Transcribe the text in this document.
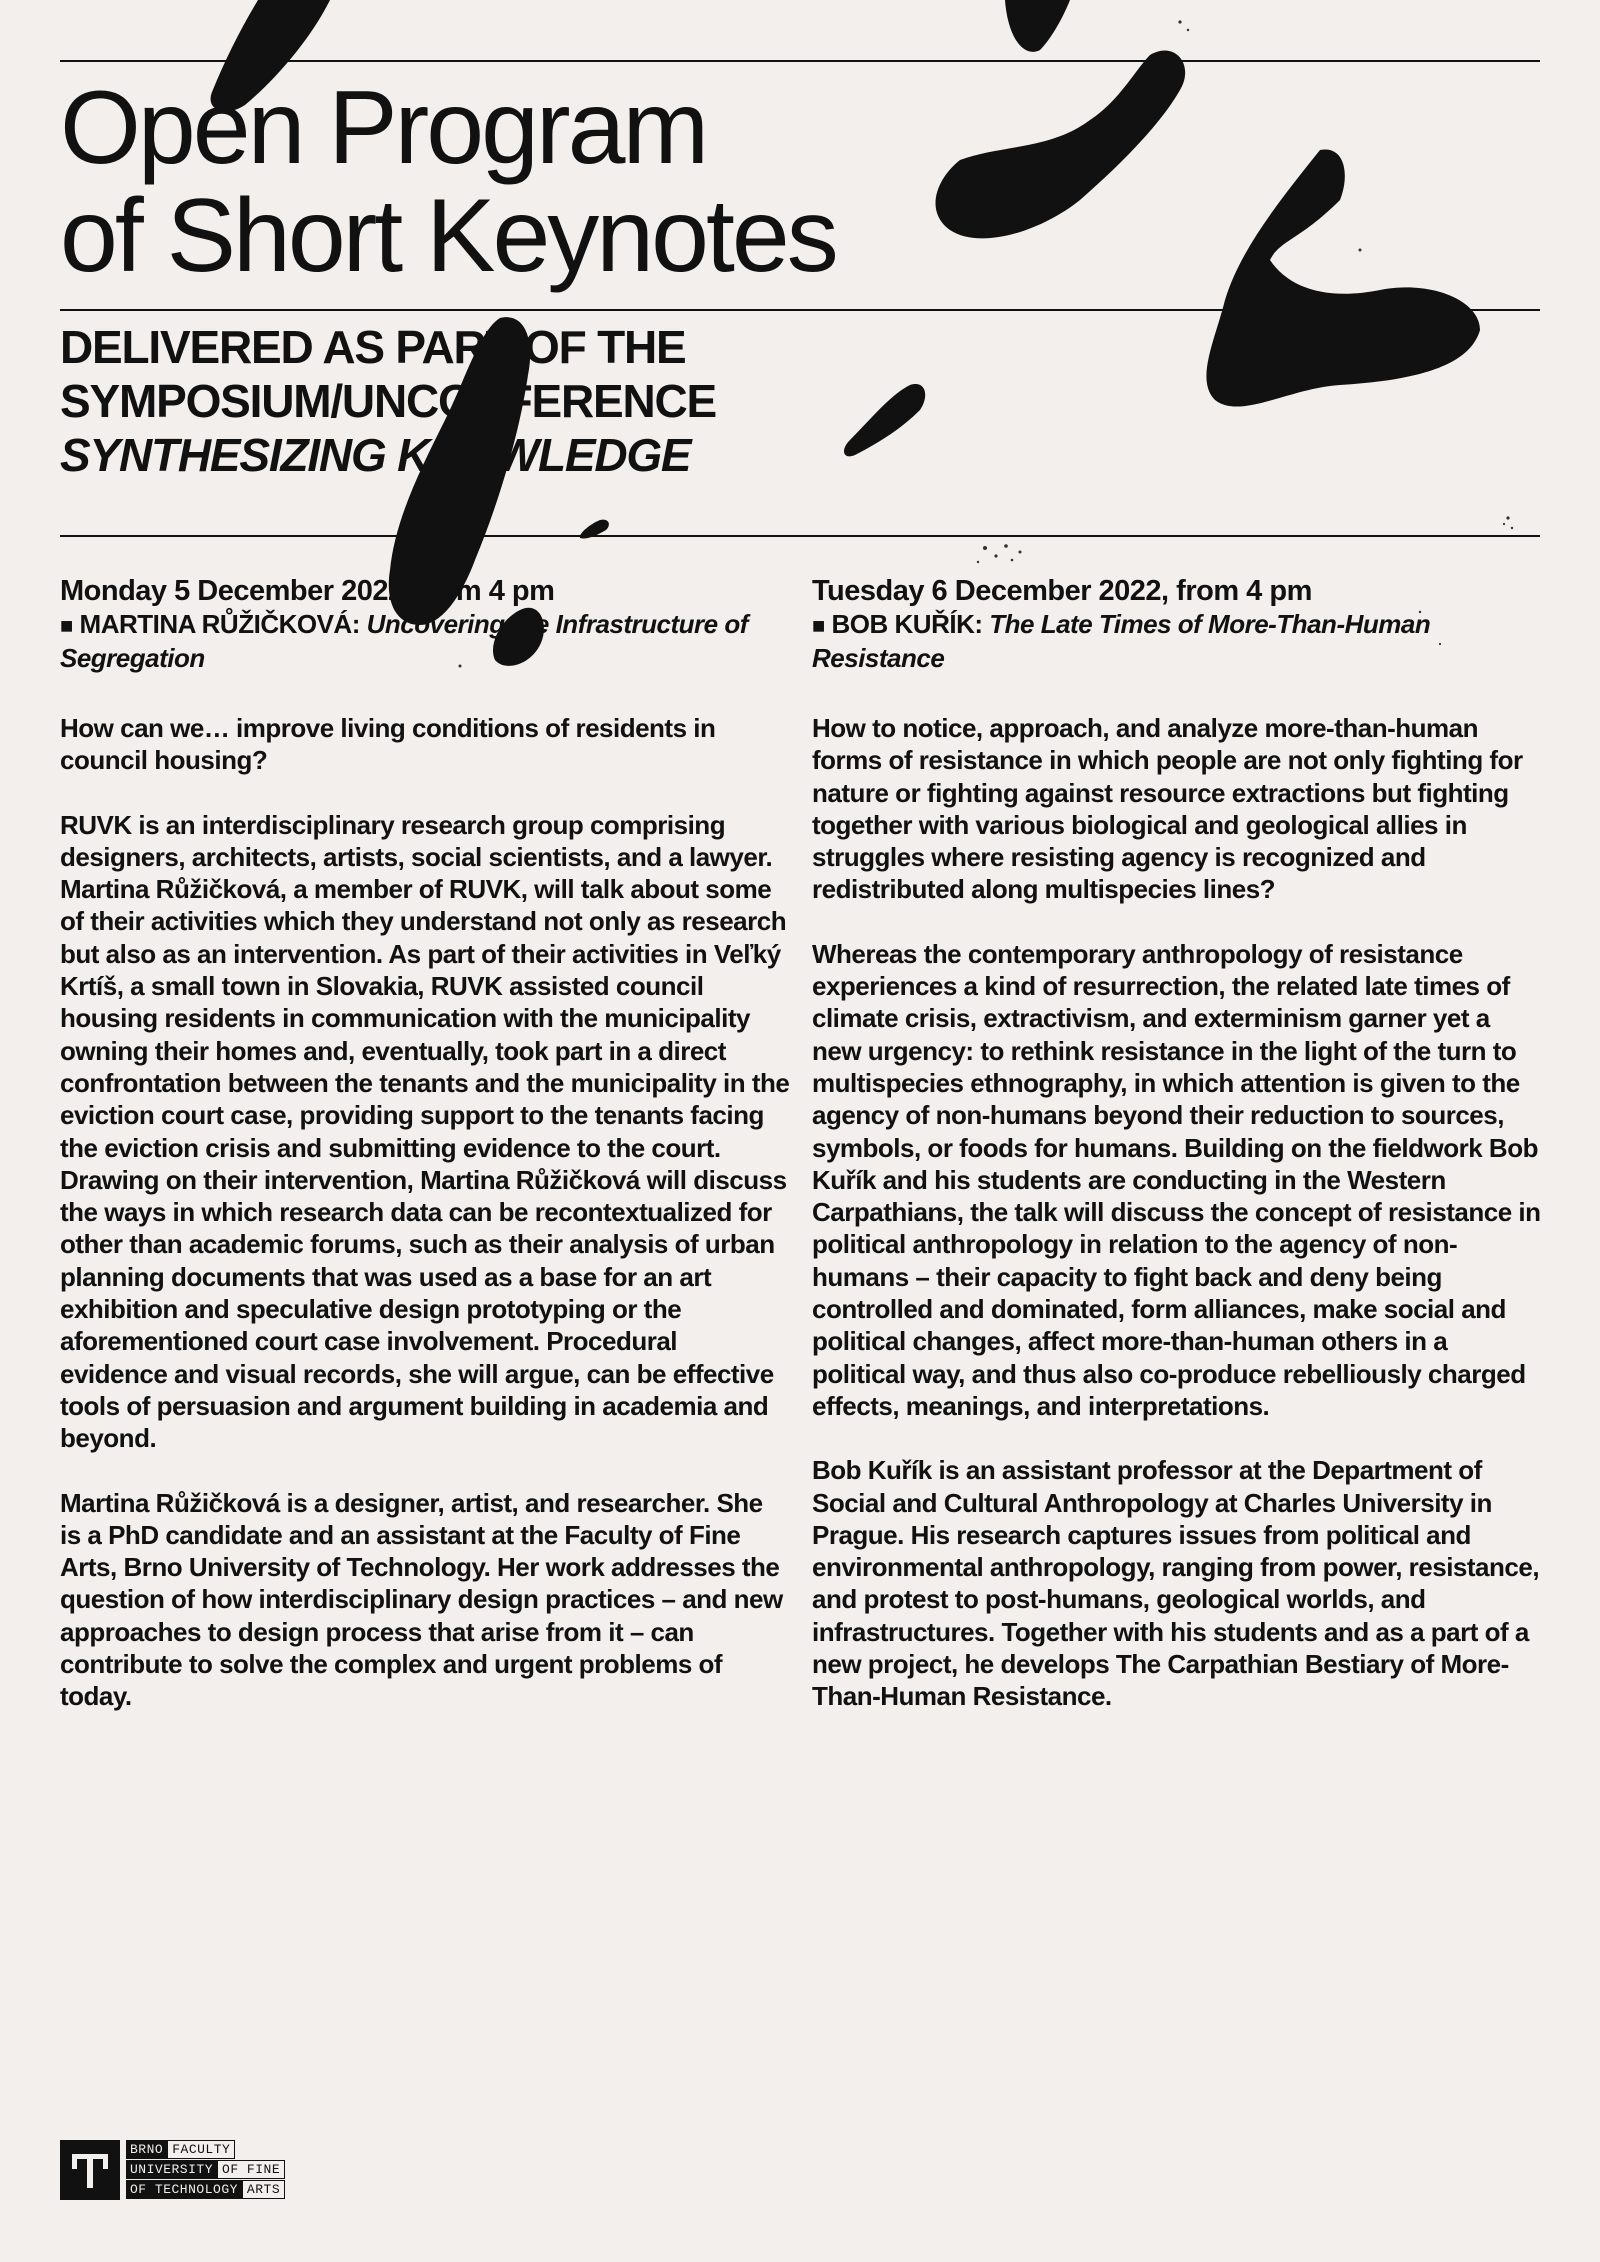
Open Program
of Short Keynotes
DELIVERED AS PART OF THE
SYMPOSIUM/UNCONFERENCE
SYNTHESIZING KNOWLEDGE
Monday 5 December 2022, from 4 pm
■ MARTINA RŮŽIČKOVÁ: Uncovering the Infrastructure of Segregation

How can we… improve living conditions of residents in council housing?

RUVK is an interdisciplinary research group comprising designers, architects, artists, social scientists, and a lawyer. Martina Růžičková, a member of RUVK, will talk about some of their activities which they understand not only as research but also as an intervention. As part of their activities in Veľký Krtíš, a small town in Slovakia, RUVK assisted council housing residents in communication with the municipality owning their homes and, eventually, took part in a direct confrontation between the tenants and the municipality in the eviction court case, providing support to the tenants facing the eviction crisis and submitting evidence to the court. Drawing on their intervention, Martina Růžičková will discuss the ways in which research data can be recontextualized for other than academic forums, such as their analysis of urban planning documents that was used as a base for an art exhibition and speculative design prototyping or the aforementioned court case involvement. Procedural evidence and visual records, she will argue, can be effective tools of persuasion and argument building in academia and beyond.

Martina Růžičková is a designer, artist, and researcher. She is a PhD candidate and an assistant at the Faculty of Fine Arts, Brno University of Technology. Her work addresses the question of how interdisciplinary design practices – and new approaches to design process that arise from it – can contribute to solve the complex and urgent problems of today.

Tuesday 6 December 2022, from 4 pm
■ BOB KUŘÍK: The Late Times of More-Than-Human Resistance

How to notice, approach, and analyze more-than-human forms of resistance in which people are not only fighting for nature or fighting against resource extractions but fighting together with various biological and geological allies in struggles where resisting agency is recognized and redistributed along multispecies lines?

Whereas the contemporary anthropology of resistance experiences a kind of resurrection, the related late times of climate crisis, extractivism, and exterminism garner yet a new urgency: to rethink resistance in the light of the turn to multispecies ethnography, in which attention is given to the agency of non-humans beyond their reduction to sources, symbols, or foods for humans. Building on the fieldwork Bob Kuřík and his students are conducting in the Western Carpathians, the talk will discuss the concept of resistance in political anthropology in relation to the agency of non-humans – their capacity to fight back and deny being controlled and dominated, form alliances, make social and political changes, affect more-than-human others in a political way, and thus also co-produce rebelliously charged effects, meanings, and interpretations.

Bob Kuřík is an assistant professor at the Department of Social and Cultural Anthropology at Charles University in Prague. His research captures issues from political and environmental anthropology, ranging from power, resistance, and protest to post-humans, geological worlds, and infrastructures. Together with his students and as a part of a new project, he develops The Carpathian Bestiary of More-Than-Human Resistance.

BRNO FACULTY
UNIVERSITY OF FINE
OF TECHNOLOGY ARTS
